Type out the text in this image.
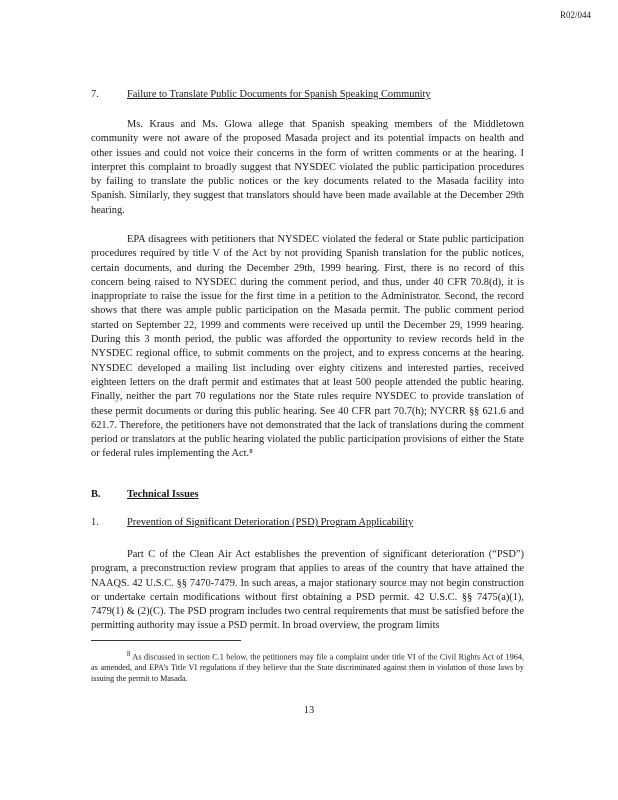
R02/044
7.	Failure to Translate Public Documents for Spanish Speaking Community

Ms. Kraus and Ms. Glowa allege that Spanish speaking members of the Middletown community were not aware of the proposed Masada project and its potential impacts on health and other issues and could not voice their concerns in the form of written comments or at the hearing. I interpret this complaint to broadly suggest that NYSDEC violated the public participation procedures by failing to translate the public notices or the key documents related to the Masada facility into Spanish. Similarly, they suggest that translators should have been made available at the December 29th hearing.

EPA disagrees with petitioners that NYSDEC violated the federal or State public participation procedures required by title V of the Act by not providing Spanish translation for the public notices, certain documents, and during the December 29th, 1999 hearing. First, there is no record of this concern being raised to NYSDEC during the comment period, and thus, under 40 CFR 70.8(d), it is inappropriate to raise the issue for the first time in a petition to the Administrator. Second, the record shows that there was ample public participation on the Masada permit. The public comment period started on September 22, 1999 and comments were received up until the December 29, 1999 hearing. During this 3 month period, the public was afforded the opportunity to review records held in the NYSDEC regional office, to submit comments on the project, and to express concerns at the hearing. NYSDEC developed a mailing list including over eighty citizens and interested parties, received eighteen letters on the draft permit and estimates that at least 500 people attended the public hearing. Finally, neither the part 70 regulations nor the State rules require NYSDEC to provide translation of these permit documents or during this public hearing. See 40 CFR part 70.7(h); NYCRR §§ 621.6 and 621.7. Therefore, the petitioners have not demonstrated that the lack of translations during the comment period or translators at the public hearing violated the public participation provisions of either the State or federal rules implementing the Act.⁸

B.	Technical Issues
1.	Prevention of Significant Deterioration (PSD) Program Applicability

Part C of the Clean Air Act establishes the prevention of significant deterioration (“PSD”) program, a preconstruction review program that applies to areas of the country that have attained the NAAQS. 42 U.S.C. §§ 7470-7479. In such areas, a major stationary source may not begin construction or undertake certain modifications without first obtaining a PSD permit. 42 U.S.C. §§ 7475(a)(1), 7479(1) & (2)(C). The PSD program includes two central requirements that must be satisfied before the permitting authority may issue a PSD permit. In broad overview, the program limits

$^8$ As discussed in section C.1 below, the petitioners may file a complaint under title VI of the Civil Rights Act of 1964, as amended, and EPA’s Title VI regulations if they believe that the State discriminated against them in violation of those laws by issuing the permit to Masada.
13
